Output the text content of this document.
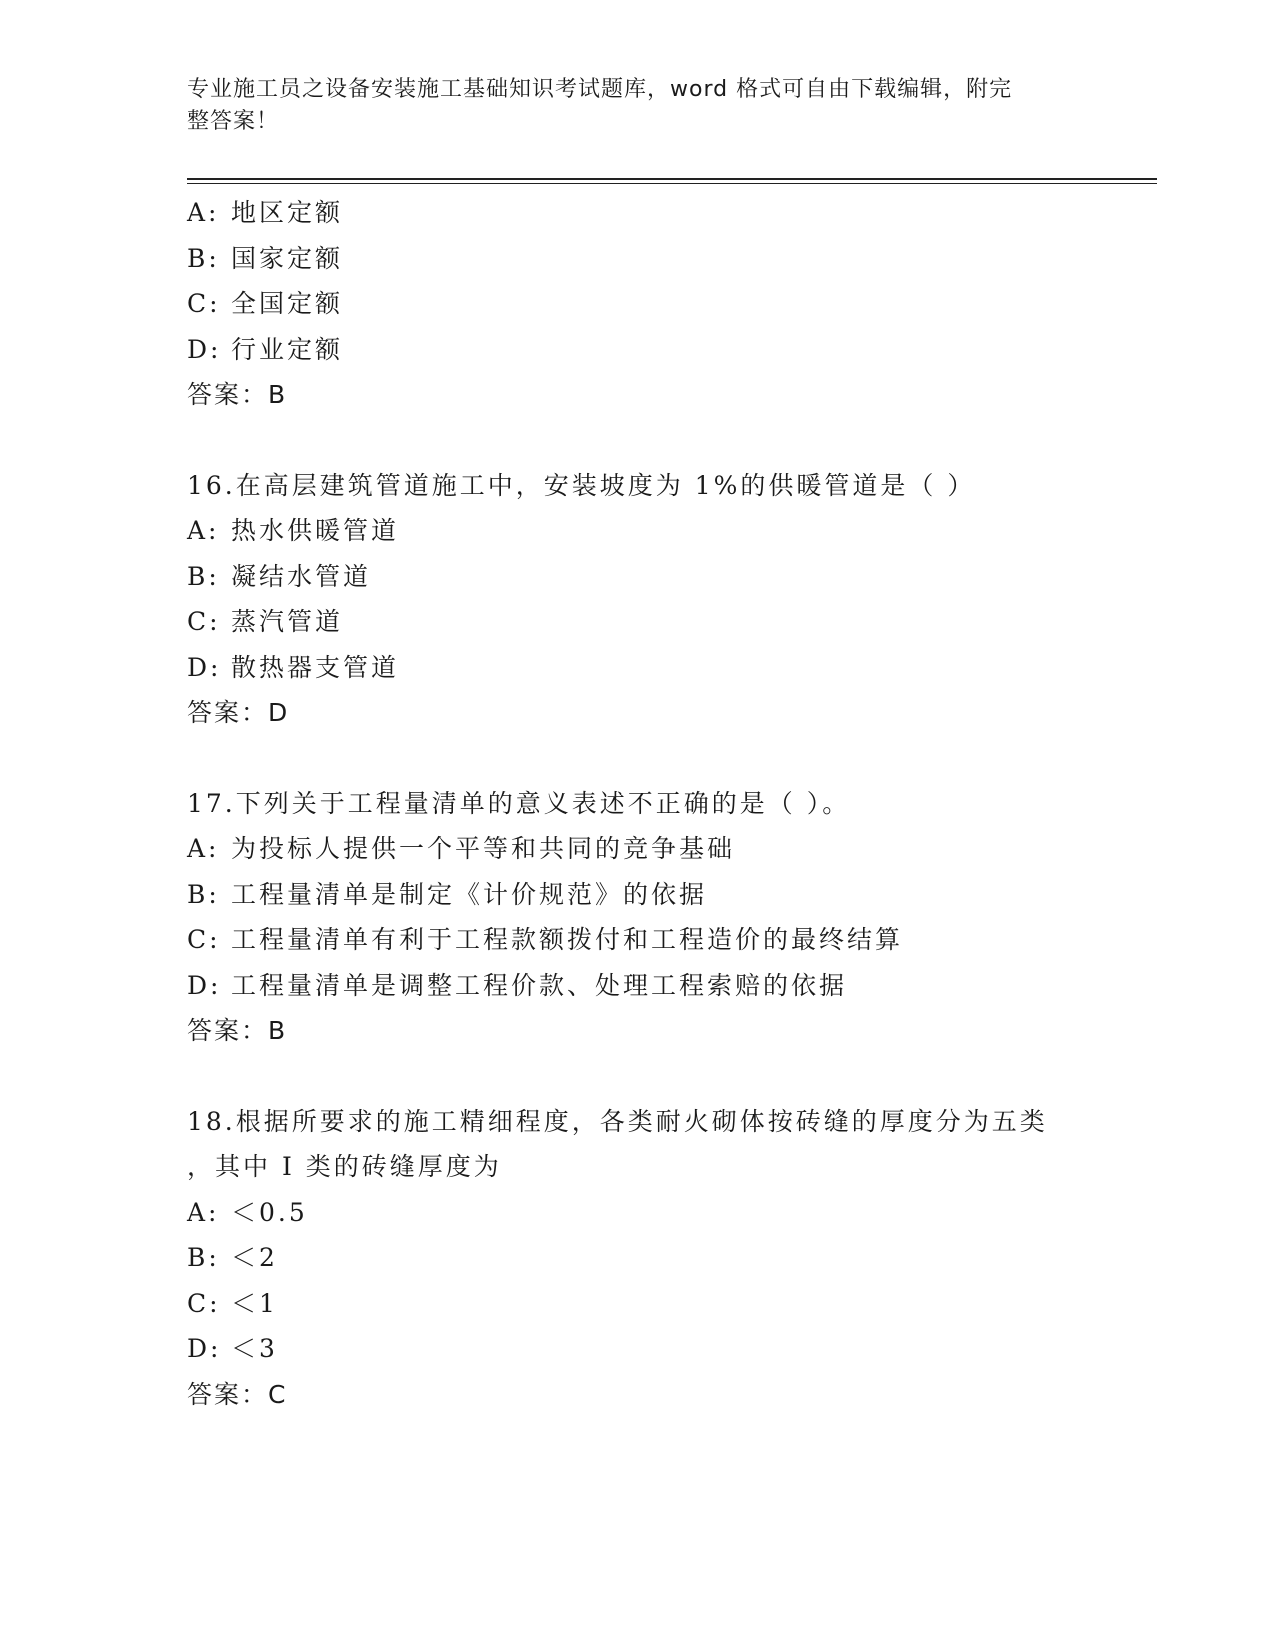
专业施工员之设备安装施工基础知识考试题库，word 格式可自由下载编辑，附完
整答案！
A: 地区定额
B: 国家定额
C: 全国定额
D: 行业定额
答案：B
16.在高层建筑管道施工中，安装坡度为 1%的供暖管道是（ ）
A: 热水供暖管道
B: 凝结水管道
C: 蒸汽管道
D: 散热器支管道
答案：D
17.下列关于工程量清单的意义表述不正确的是（ ）。
A: 为投标人提供一个平等和共同的竞争基础
B: 工程量清单是制定《计价规范》的依据
C: 工程量清单有利于工程款额拨付和工程造价的最终结算
D: 工程量清单是调整工程价款、处理工程索赔的依据
答案：B
18.根据所要求的施工精细程度，各类耐火砌体按砖缝的厚度分为五类
，其中 I 类的砖缝厚度为
A: ＜0.5
B: ＜2
C: ＜1
D: ＜3
答案：C
